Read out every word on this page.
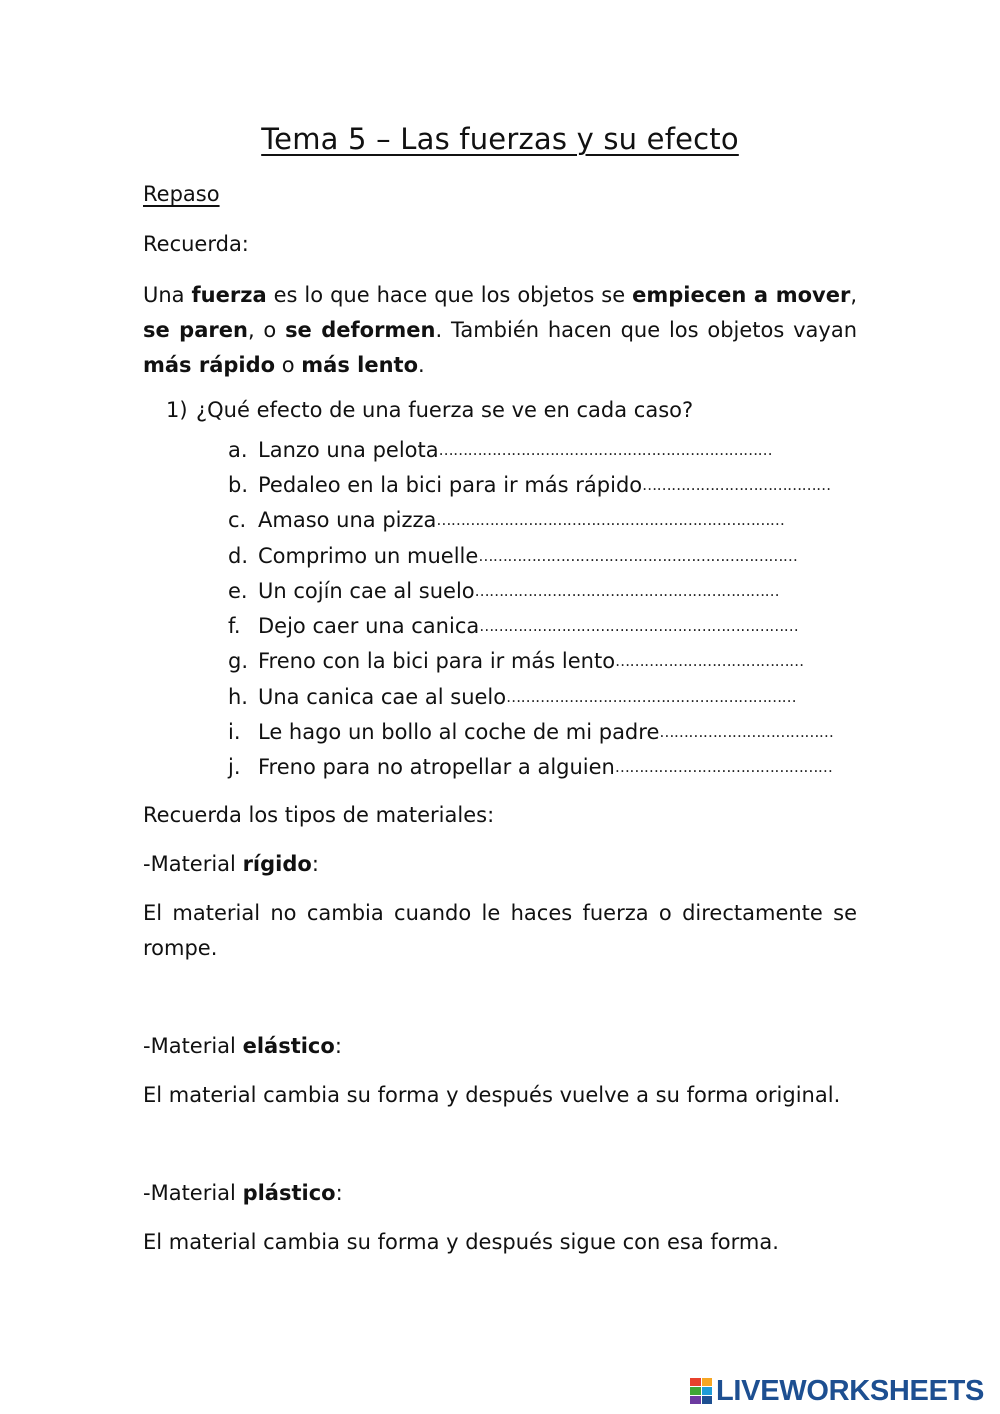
Tema 5 – Las fuerzas y su efecto
Repaso
Recuerda:
Una fuerza es lo que hace que los objetos se empiecen a mover, se paren, o se deformen. También hacen que los objetos vayan más rápido o más lento.
1) ¿Qué efecto de una fuerza se ve en cada caso?
a. Lanzo una pelota ……………………………………………………………
b. Pedaleo en la bici para ir más rápido …………………………………
c. Amaso una pizza ………………………………………………………………
d. Comprimo un muelle …………………………………………………………
e. Un cojín cae al suelo ………………………………………………………
f. Dejo caer una canica …………………………………………………………
g. Freno con la bici para ir más lento …………………………………
h. Una canica cae al suelo ……………………………………………………
i. Le hago un bollo al coche de mi padre ………………………………
j. Freno para no atropellar a alguien ………………………………………
Recuerda los tipos de materiales:
-Material rígido:
El material no cambia cuando le haces fuerza o directamente se rompe.
-Material elástico:
El material cambia su forma y después vuelve a su forma original.
-Material plástico:
El material cambia su forma y después sigue con esa forma.
LIVEWORKSHEETS
